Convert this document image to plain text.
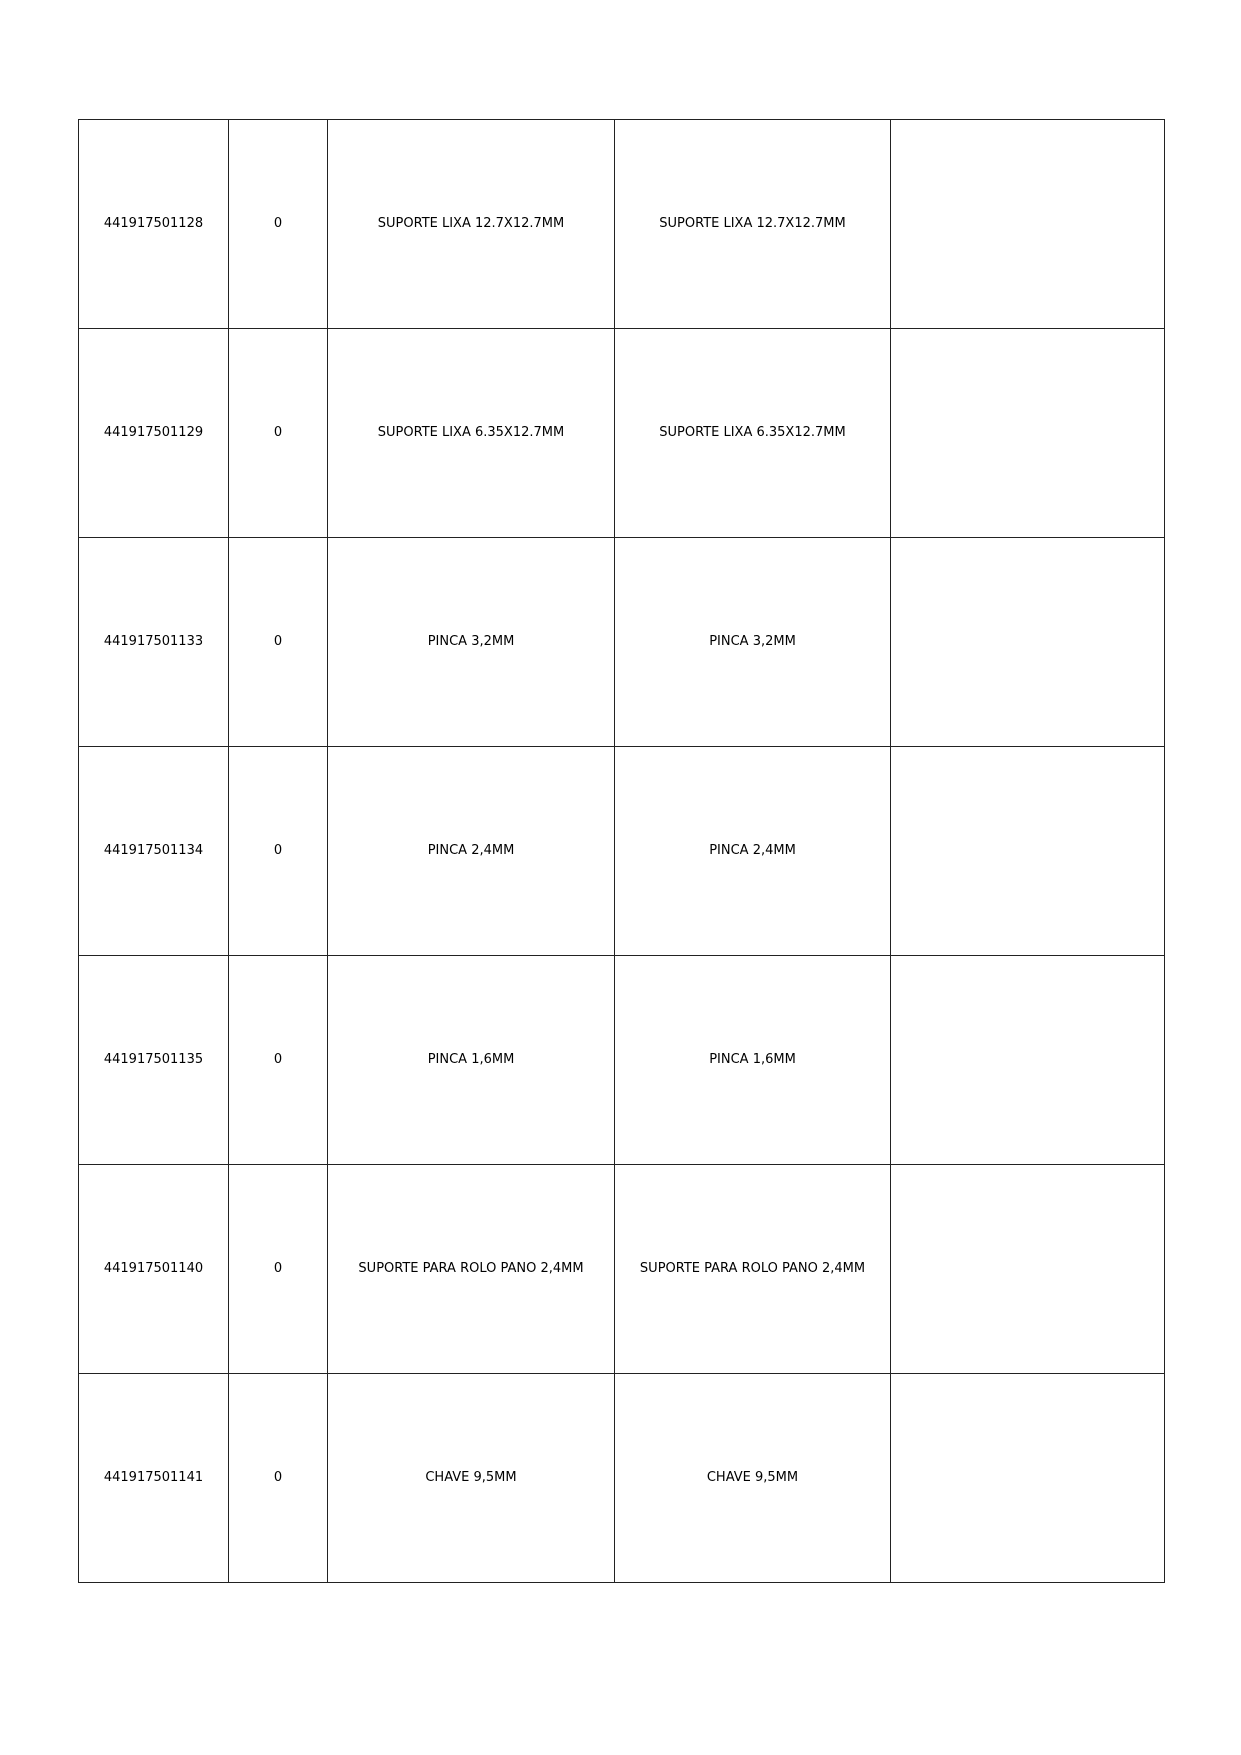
441917501128	0	SUPORTE LIXA 12.7X12.7MM	SUPORTE LIXA 12.7X12.7MM	
441917501129	0	SUPORTE LIXA 6.35X12.7MM	SUPORTE LIXA 6.35X12.7MM	
441917501133	0	PINCA 3,2MM	PINCA 3,2MM	
441917501134	0	PINCA 2,4MM	PINCA 2,4MM	
441917501135	0	PINCA 1,6MM	PINCA 1,6MM	
441917501140	0	SUPORTE PARA ROLO PANO 2,4MM	SUPORTE PARA ROLO PANO 2,4MM	
441917501141	0	CHAVE 9,5MM	CHAVE 9,5MM	
